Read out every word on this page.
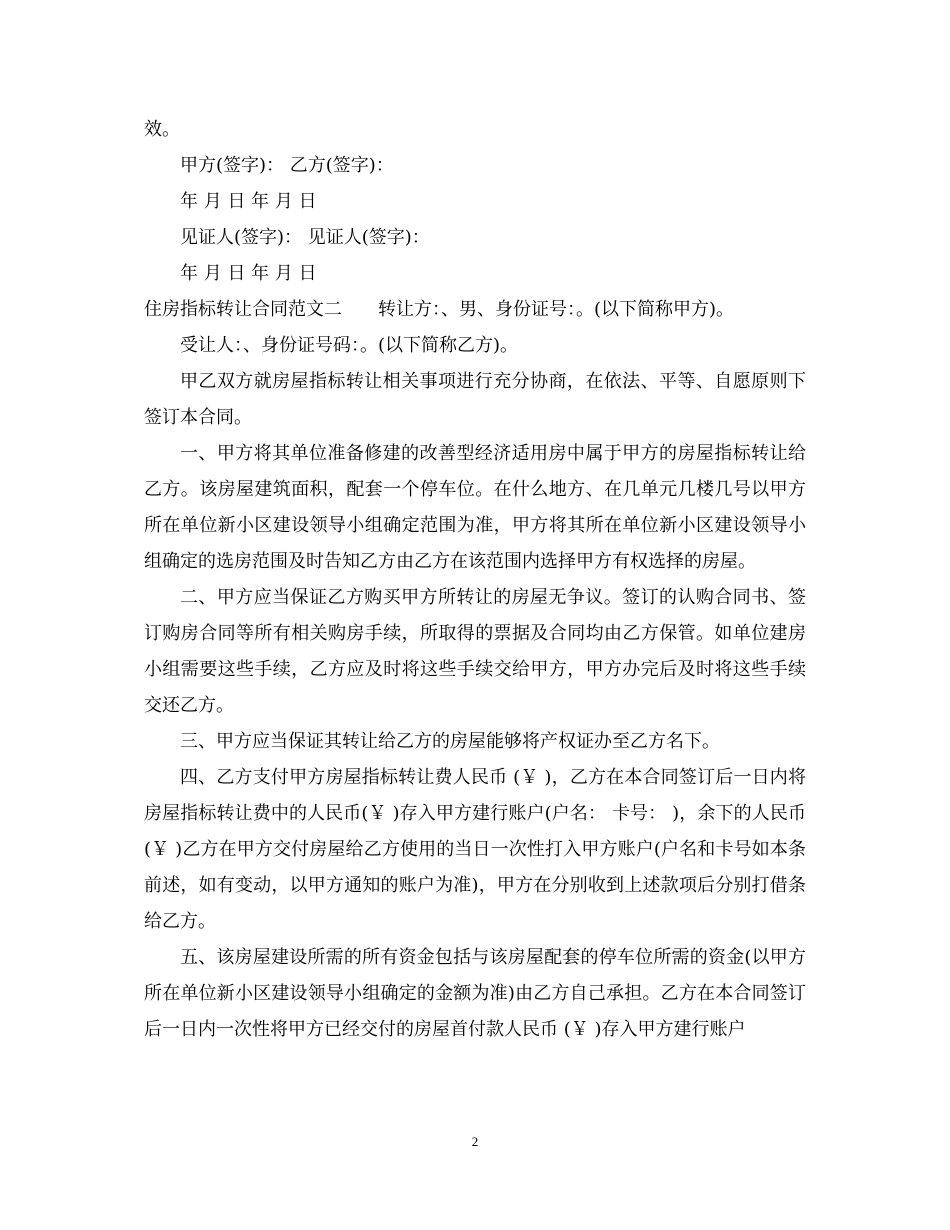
效。
甲方(签字)： 乙方(签字)：
年 月 日 年 月 日
见证人(签字)： 见证人(签字)：
年 月 日 年 月 日
住房指标转让合同范文二　　转让方：、男、身份证号：。(以下简称甲方)。
受让人：、身份证号码：。(以下简称乙方)。

甲乙双方就房屋指标转让相关事项进行充分协商，在依法、平等、自愿原则下签订本合同。

一、甲方将其单位准备修建的改善型经济适用房中属于甲方的房屋指标转让给乙方。该房屋建筑面积，配套一个停车位。在什么地方、在几单元几楼几号以甲方所在单位新小区建设领导小组确定范围为准，甲方将其所在单位新小区建设领导小组确定的选房范围及时告知乙方由乙方在该范围内选择甲方有权选择的房屋。

二、甲方应当保证乙方购买甲方所转让的房屋无争议。签订的认购合同书、签订购房合同等所有相关购房手续，所取得的票据及合同均由乙方保管。如单位建房小组需要这些手续，乙方应及时将这些手续交给甲方，甲方办完后及时将这些手续交还乙方。

三、甲方应当保证其转让给乙方的房屋能够将产权证办至乙方名下。

四、乙方支付甲方房屋指标转让费人民币 (￥ )，乙方在本合同签订后一日内将房屋指标转让费中的人民币(￥ )存入甲方建行账户(户名： 卡号： )，余下的人民币 (￥ )乙方在甲方交付房屋给乙方使用的当日一次性打入甲方账户(户名和卡号如本条前述，如有变动，以甲方通知的账户为准)，甲方在分别收到上述款项后分别打借条给乙方。

五、该房屋建设所需的所有资金包括与该房屋配套的停车位所需的资金(以甲方所在单位新小区建设领导小组确定的金额为准)由乙方自己承担。乙方在本合同签订后一日内一次性将甲方已经交付的房屋首付款人民币 (￥ )存入甲方建行账户

2
